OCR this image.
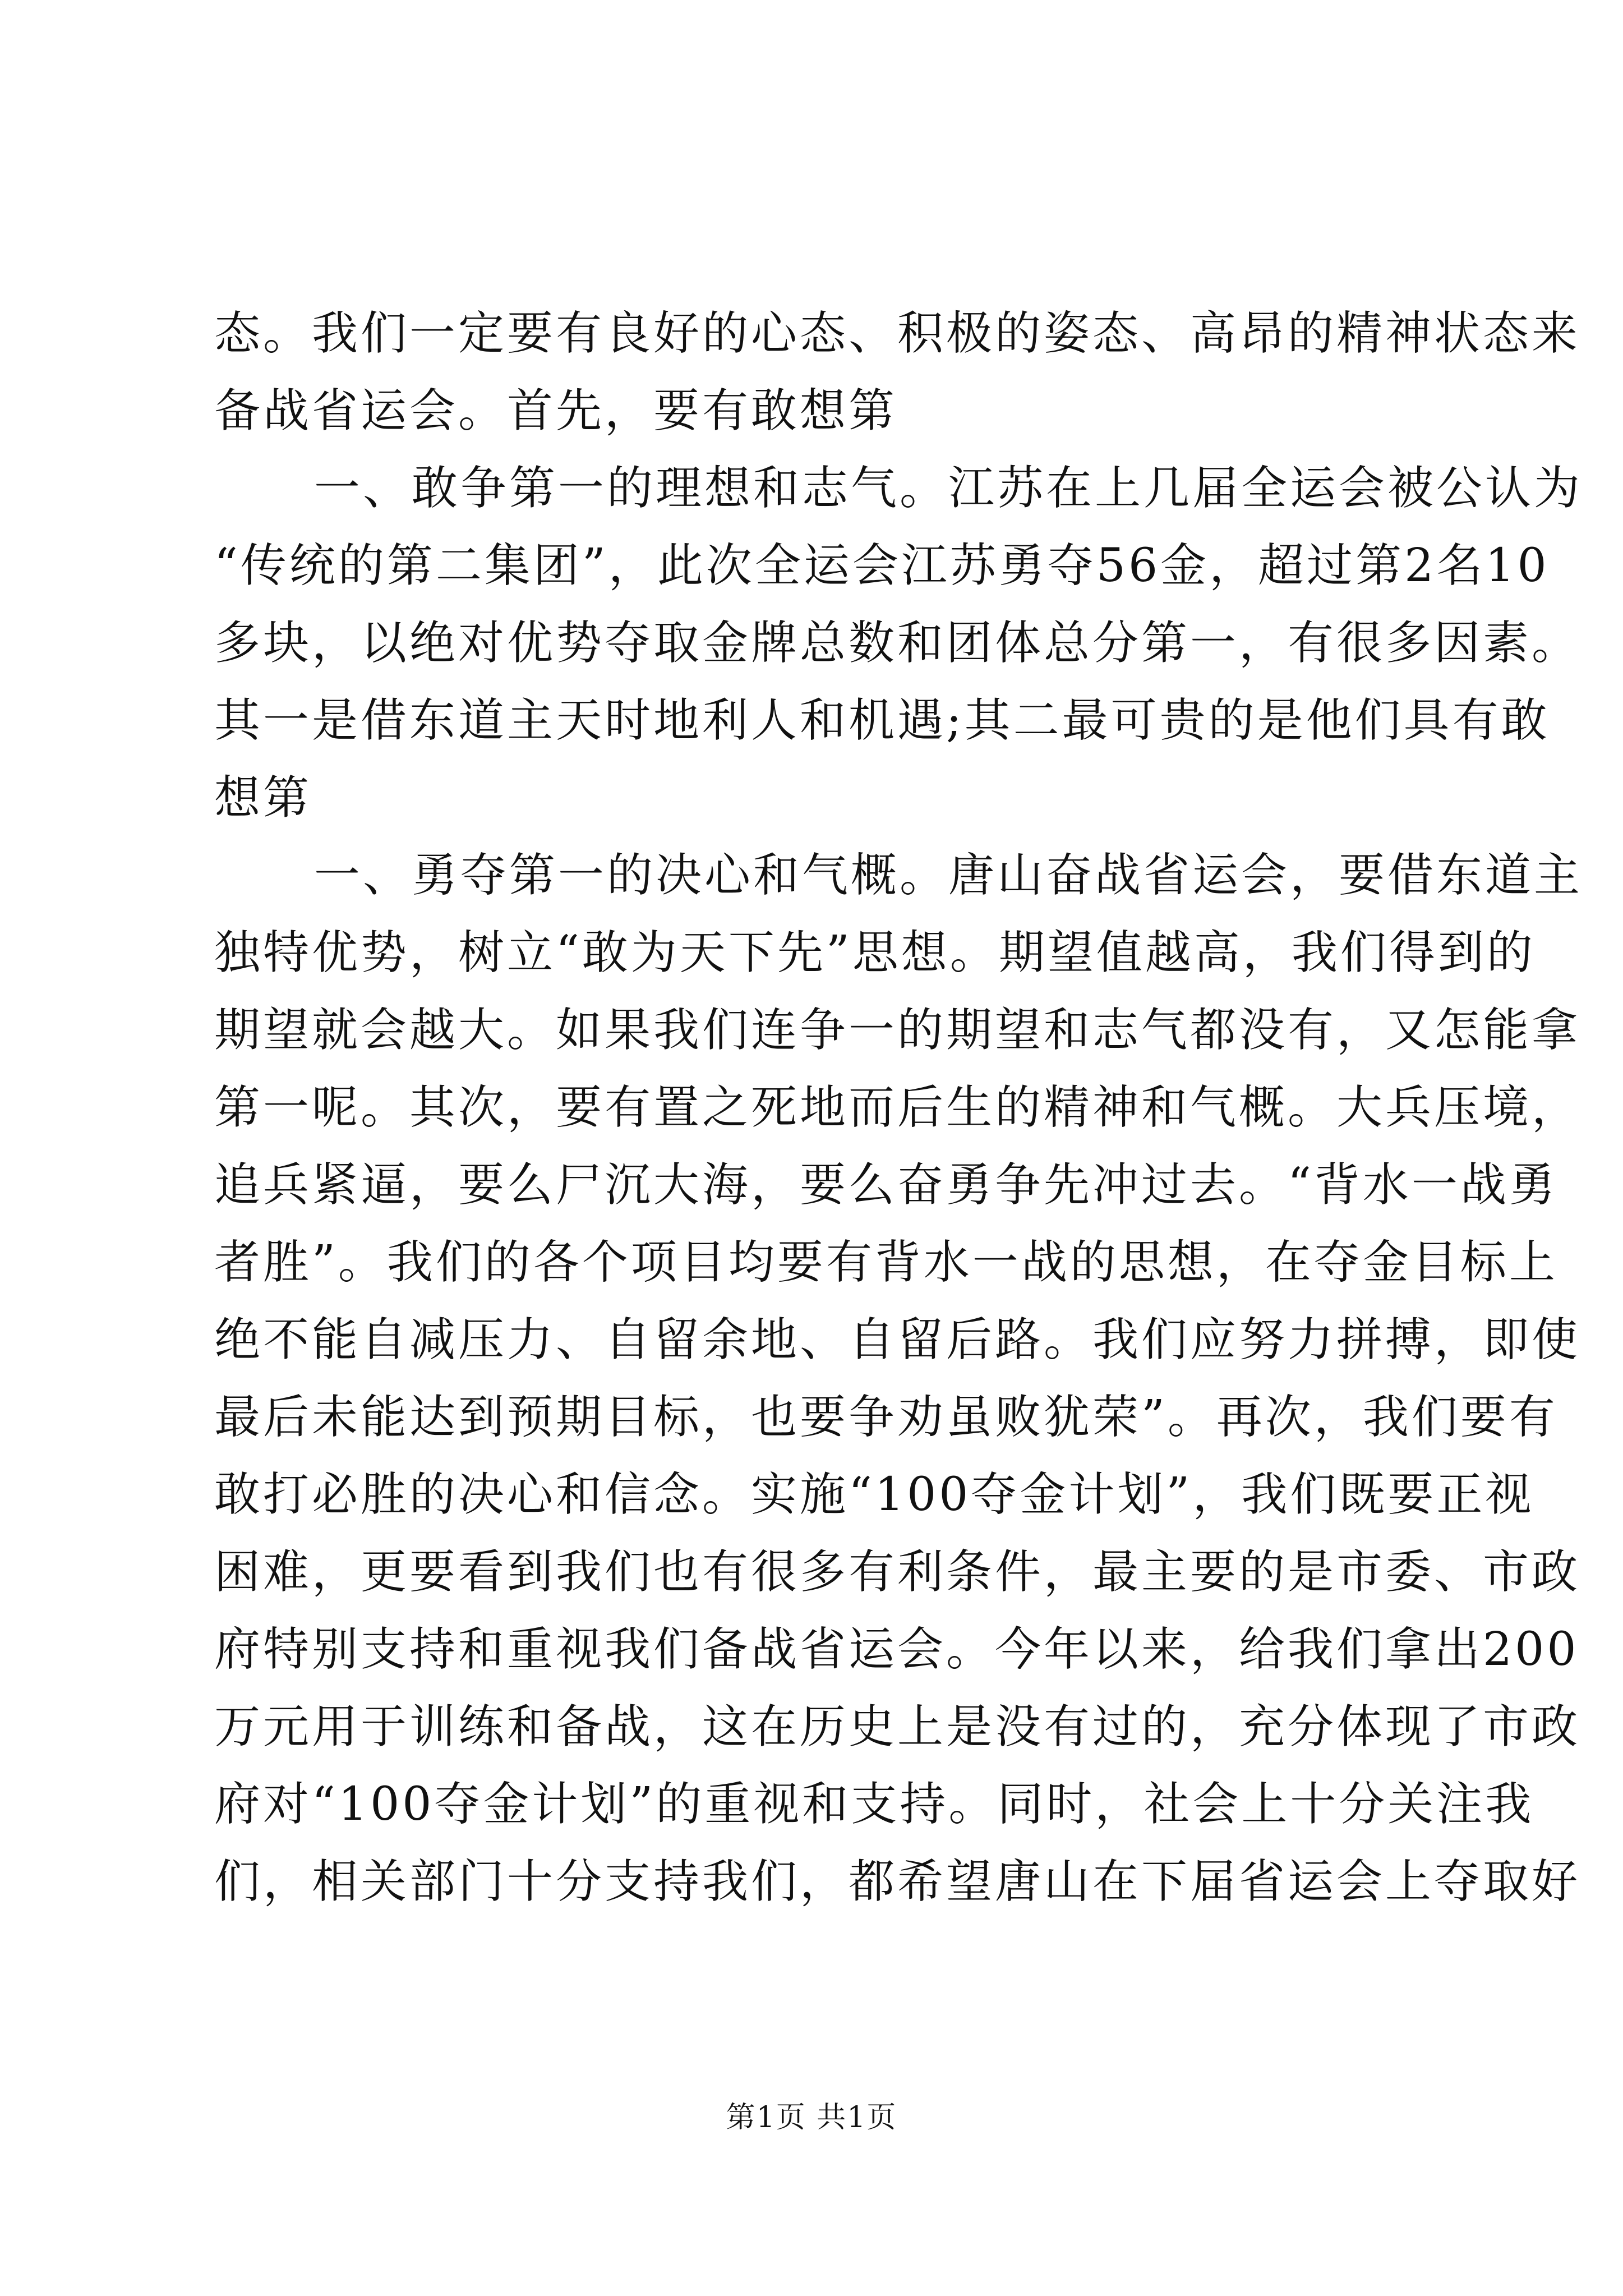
态。我们一定要有良好的心态、积极的姿态、高昂的精神状态来
备战省运会。首先，要有敢想第
一、敢争第一的理想和志气。江苏在上几届全运会被公认为
“传统的第二集团”，此次全运会江苏勇夺56金，超过第2名10
多块，以绝对优势夺取金牌总数和团体总分第一，有很多因素。
其一是借东道主天时地利人和机遇;其二最可贵的是他们具有敢
想第
一、勇夺第一的决心和气概。唐山奋战省运会，要借东道主
独特优势，树立“敢为天下先”思想。期望值越高，我们得到的
期望就会越大。如果我们连争一的期望和志气都没有，又怎能拿
第一呢。其次，要有置之死地而后生的精神和气概。大兵压境，
追兵紧逼，要么尸沉大海，要么奋勇争先冲过去。“背水一战勇
者胜”。我们的各个项目均要有背水一战的思想，在夺金目标上
绝不能自减压力、自留余地、自留后路。我们应努力拼搏，即使
最后未能达到预期目标，也要争劝虽败犹荣”。再次，我们要有
敢打必胜的决心和信念。实施“100夺金计划”，我们既要正视
困难，更要看到我们也有很多有利条件，最主要的是市委、市政
府特别支持和重视我们备战省运会。今年以来，给我们拿出200
万元用于训练和备战，这在历史上是没有过的，充分体现了市政
府对“100夺金计划”的重视和支持。同时，社会上十分关注我
们，相关部门十分支持我们，都希望唐山在下届省运会上夺取好
第1页 共1页
